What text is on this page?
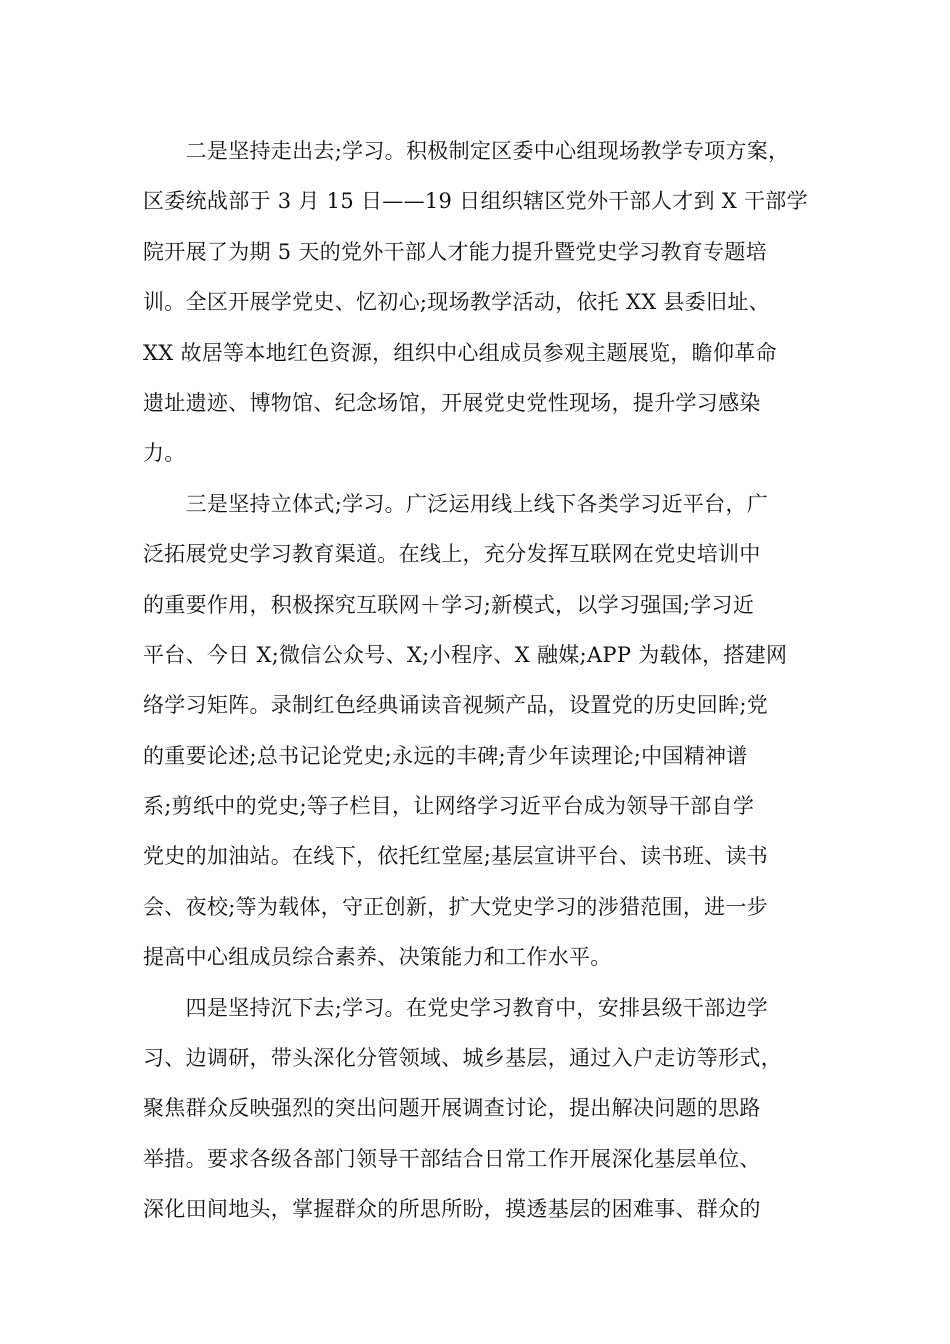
　　二是坚持走出去;学习。积极制定区委中心组现场教学专项方案，
区委统战部于 3 月 15 日——19 日组织辖区党外干部人才到 X 干部学
院开展了为期 5 天的党外干部人才能力提升暨党史学习教育专题培
训。全区开展学党史、忆初心;现场教学活动，依托 XX 县委旧址、
XX 故居等本地红色资源，组织中心组成员参观主题展览，瞻仰革命
遗址遗迹、博物馆、纪念场馆，开展党史党性现场，提升学习感染
力。
　　三是坚持立体式;学习。广泛运用线上线下各类学习近平台，广
泛拓展党史学习教育渠道。在线上，充分发挥互联网在党史培训中
的重要作用，积极探究互联网＋学习;新模式，以学习强国;学习近
平台、今日 X;微信公众号、X;小程序、X 融媒;APP 为载体，搭建网
络学习矩阵。录制红色经典诵读音视频产品，设置党的历史回眸;党
的重要论述;总书记论党史;永远的丰碑;青少年读理论;中国精神谱
系;剪纸中的党史;等子栏目，让网络学习近平台成为领导干部自学
党史的加油站。在线下，依托红堂屋;基层宣讲平台、读书班、读书
会、夜校;等为载体，守正创新，扩大党史学习的涉猎范围，进一步
提高中心组成员综合素养、决策能力和工作水平。
　　四是坚持沉下去;学习。在党史学习教育中，安排县级干部边学
习、边调研，带头深化分管领域、城乡基层，通过入户走访等形式，
聚焦群众反映强烈的突出问题开展调查讨论，提出解决问题的思路
举措。要求各级各部门领导干部结合日常工作开展深化基层单位、
深化田间地头，掌握群众的所思所盼，摸透基层的困难事、群众的
